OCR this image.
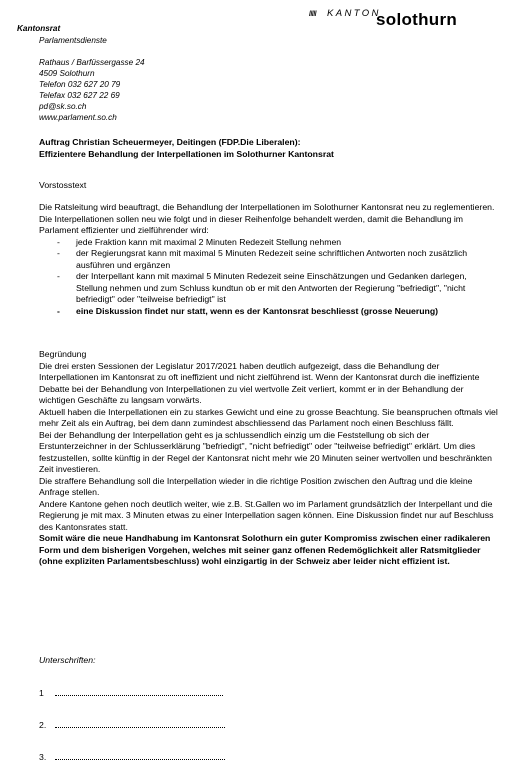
///// KANTON
solothurn
Kantonsrat
Parlamentsdienste
Rathaus / Barfüssergasse 24
4509 Solothurn
Telefon 032 627 20 79
Telefax 032 627 22 69
pd@sk.so.ch
www.parlament.so.ch
Auftrag Christian Scheuermeyer, Deitingen (FDP.Die Liberalen):
Effizientere Behandlung der Interpellationen im Solothurner Kantonsrat
Vorstosstext

Die Ratsleitung wird beauftragt, die Behandlung der Interpellationen im Solothurner Kantonsrat neu zu reglementieren. Die Interpellationen sollen neu wie folgt und in dieser Reihenfolge behandelt werden, damit die Behandlung im Parlament effizienter und zielführender wird:

- jede Fraktion kann mit maximal 2 Minuten Redezeit Stellung nehmen
- der Regierungsrat kann mit maximal 5 Minuten Redezeit seine schriftlichen Antworten noch zusätzlich ausführen und ergänzen
- der Interpellant kann mit maximal 5 Minuten Redezeit seine Einschätzungen und Gedanken darlegen, Stellung nehmen und zum Schluss kundtun ob er mit den Antworten der Regierung "befriedigt", "nicht befriedigt" oder "teilweise befriedigt" ist
- eine Diskussion findet nur statt, wenn es der Kantonsrat beschliesst (grosse Neuerung)

Begründung

Die drei ersten Sessionen der Legislatur 2017/2021 haben deutlich aufgezeigt, dass die Behandlung der Interpellationen im Kantonsrat zu oft ineffizient und nicht zielführend ist. Wenn der Kantonsrat durch die ineffiziente Debatte bei der Behandlung von Interpellationen zu viel wertvolle Zeit verliert, kommt er in der Behandlung der wichtigen Geschäfte zu langsam vorwärts.

Aktuell haben die Interpellationen ein zu starkes Gewicht und eine zu grosse Beachtung. Sie beanspruchen oftmals viel mehr Zeit als ein Auftrag, bei dem dann zumindest abschliessend das Parlament noch einen Beschluss fällt.

Bei der Behandlung der Interpellation geht es ja schlussendlich einzig um die Feststellung ob sich der Erstunterzeichner in der Schlusserklärung "befriedigt", "nicht befriedigt" oder "teilweise befriedigt" erklärt. Um dies festzustellen, sollte künftig in der Regel der Kantonsrat nicht mehr wie 20 Minuten seiner wertvollen und beschränkten Zeit investieren.

Die straffere Behandlung soll die Interpellation wieder in die richtige Position zwischen den Auftrag und die kleine Anfrage stellen.

Andere Kantone gehen noch deutlich weiter, wie z.B. St.Gallen wo im Parlament grundsätzlich der Interpellant und die Regierung je mit max. 3 Minuten etwas zu einer Interpellation sagen können. Eine Diskussion findet nur auf Beschluss des Kantonsrates statt.

Somit wäre die neue Handhabung im Kantonsrat Solothurn ein guter Kompromiss zwischen einer radikaleren Form und dem bisherigen Vorgehen, welches mit seiner ganz offenen Redemöglichkeit aller Ratsmitglieder (ohne expliziten Parlamentsbeschluss) wohl einzigartig in der Schweiz aber leider nicht effizient ist.

Unterschriften:
1
2.
3.
